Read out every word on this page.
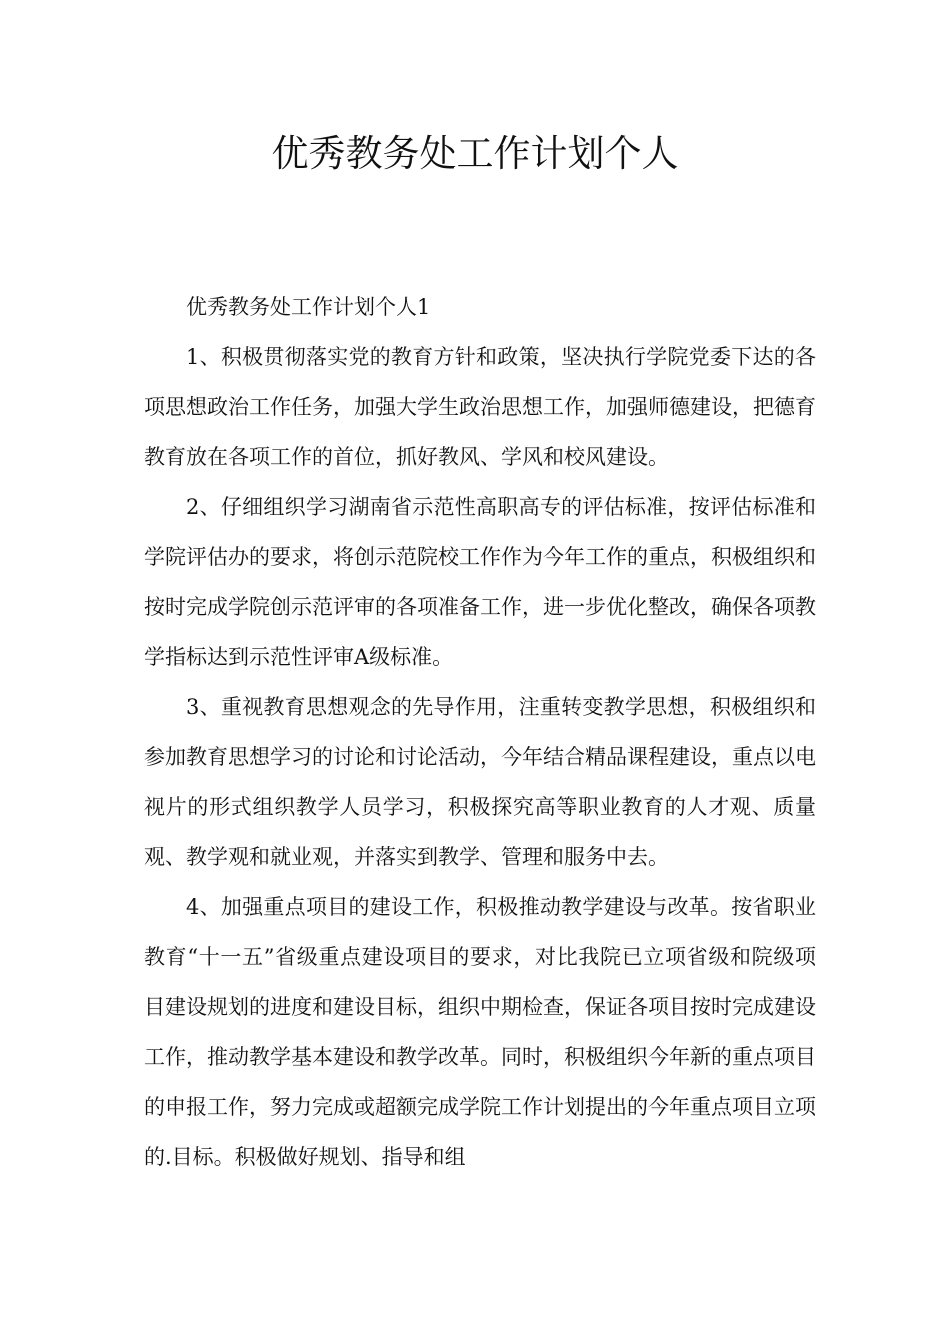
优秀教务处工作计划个人

优秀教务处工作计划个人1

1、积极贯彻落实党的教育方针和政策，坚决执行学院党委下达的各项思想政治工作任务，加强大学生政治思想工作，加强师德建设，把德育教育放在各项工作的首位，抓好教风、学风和校风建设。

2、仔细组织学习湖南省示范性高职高专的评估标准，按评估标准和学院评估办的要求，将创示范院校工作作为今年工作的重点，积极组织和按时完成学院创示范评审的各项准备工作，进一步优化整改，确保各项教学指标达到示范性评审A级标准。

3、重视教育思想观念的先导作用，注重转变教学思想，积极组织和参加教育思想学习的讨论和讨论活动，今年结合精品课程建设，重点以电视片的形式组织教学人员学习，积极探究高等职业教育的人才观、质量观、教学观和就业观，并落实到教学、管理和服务中去。

4、加强重点项目的建设工作，积极推动教学建设与改革。按省职业教育“十一五”省级重点建设项目的要求，对比我院已立项省级和院级项目建设规划的进度和建设目标，组织中期检查，保证各项目按时完成建设工作，推动教学基本建设和教学改革。同时，积极组织今年新的重点项目的申报工作，努力完成或超额完成学院工作计划提出的今年重点项目立项的.目标。积极做好规划、指导和组
